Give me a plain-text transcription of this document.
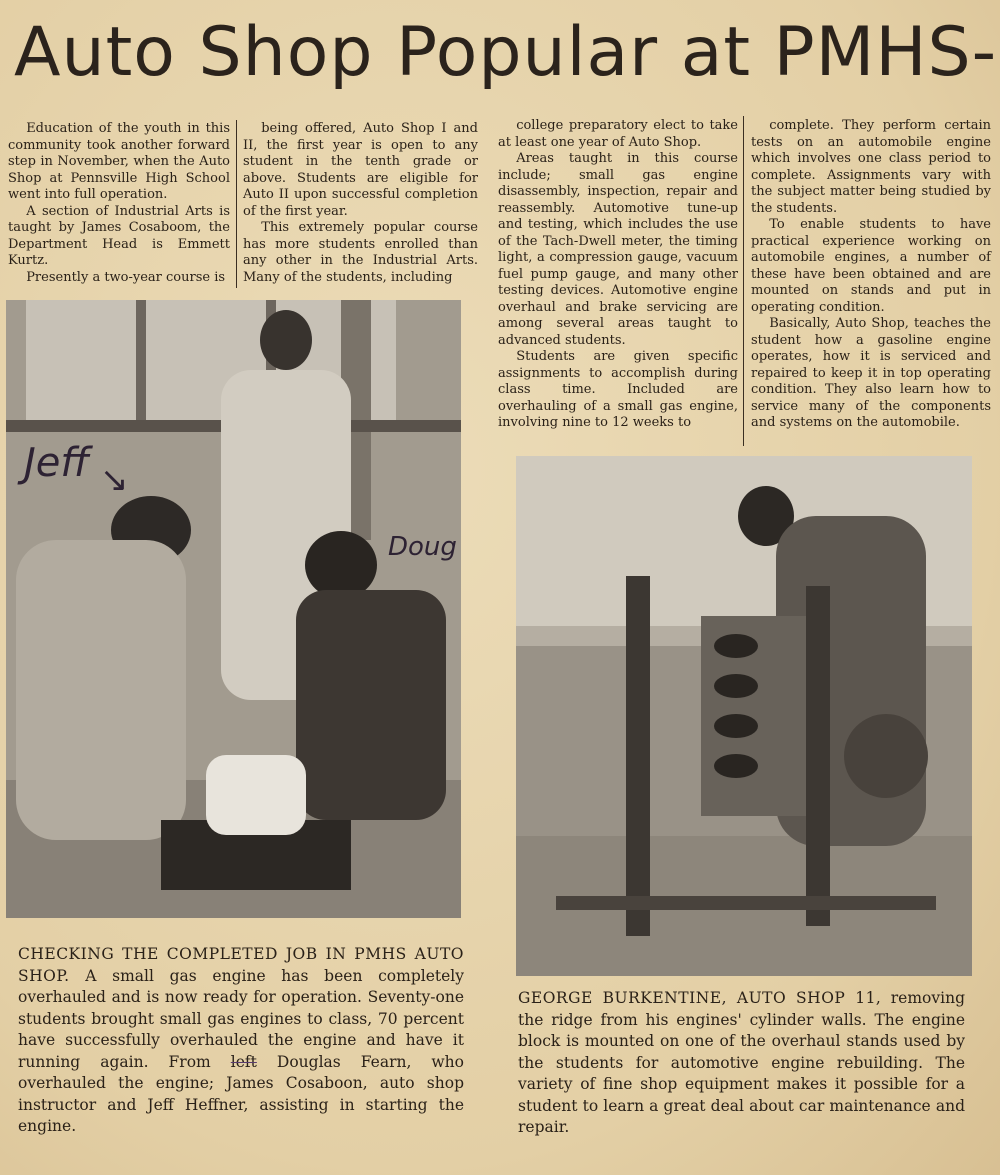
Auto Shop Popular at PMHS-

Education of the youth in this community took another forward step in November, when the Auto Shop at Pennsville High School went into full operation.

A section of Industrial Arts is taught by James Cosaboom, the Department Head is Emmett Kurtz.

Presently a two-year course is

being offered, Auto Shop I and II, the first year is open to any student in the tenth grade or above. Students are eligible for Auto II upon successful completion of the first year.

This extremely popular course has more students enrolled than any other in the Industrial Arts. Many of the students, including

college preparatory elect to take at least one year of Auto Shop.

Areas taught in this course include; small gas engine disassembly, inspection, repair and reassembly. Automotive tune-up and testing, which includes the use of the Tach-Dwell meter, the timing light, a compression gauge, vacuum fuel pump gauge, and many other testing devices. Automotive engine overhaul and brake servicing are among several areas taught to advanced students.

Students are given specific assignments to accomplish during class time. Included are overhauling of a small gas engine, involving nine to 12 weeks to

complete. They perform certain tests on an automobile engine which involves one class period to complete. Assignments vary with the subject matter being studied by the students.

To enable students to have practical experience working on automobile engines, a number of these have been obtained and are mounted on stands and put in operating condition.

Basically, Auto Shop, teaches the student how a gasoline engine operates, how it is serviced and repaired to keep it in top operating condition. They also learn how to service many of the components and systems on the automobile.

Jeff ↘
Doug
CHECKING THE COMPLETED JOB IN PMHS AUTO SHOP. A small gas engine has been completely overhauled and is now ready for operation. Seventy-one students brought small gas engines to class, 70 percent have successfully overhauled the engine and have it running again. From left Douglas Fearn, who overhauled the engine; James Cosaboon, auto shop instructor and Jeff Heffner, assisting in starting the engine.
GEORGE BURKENTINE, AUTO SHOP 11, removing the ridge from his engines' cylinder walls. The engine block is mounted on one of the overhaul stands used by the students for automotive engine rebuilding. The variety of fine shop equipment makes it possible for a student to learn a great deal about car maintenance and repair.
